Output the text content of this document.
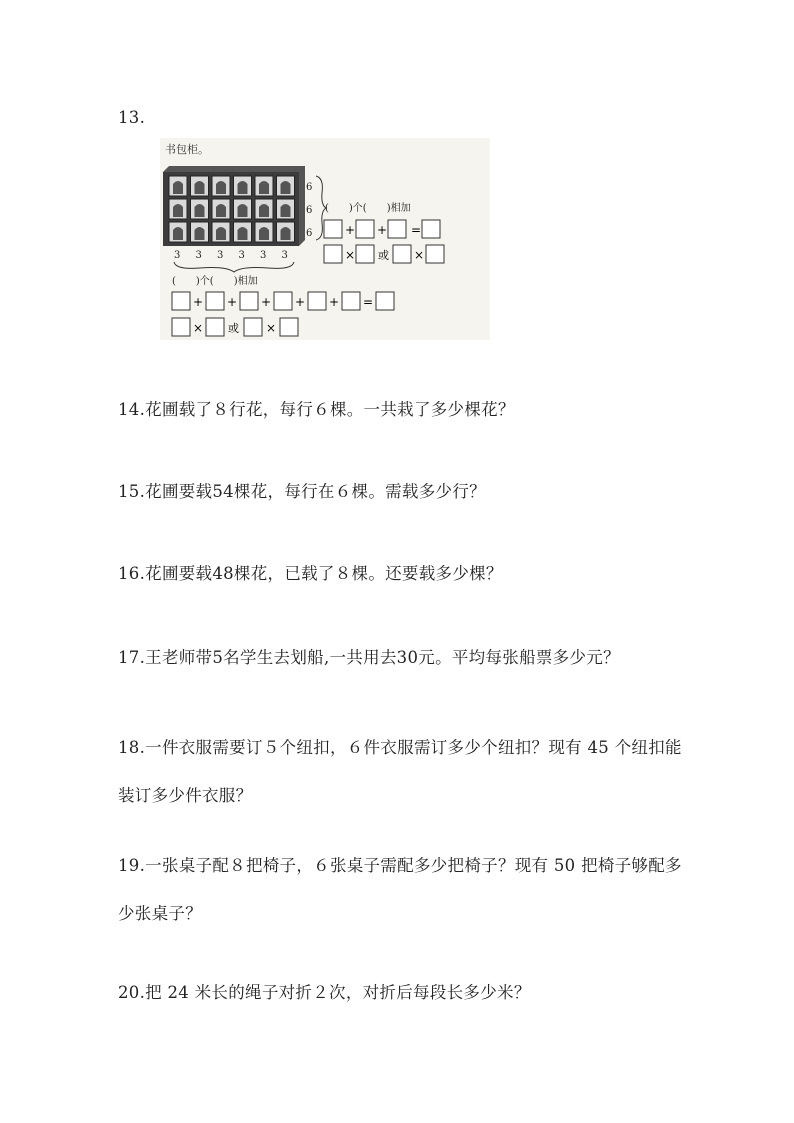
13.
书包柜。
6
6
6
(　　)个(　　)相加
+ + =
× 或 ×
3 3 3 3 3 3
(　　)个(　　)相加
+ + + + + =
× 或 ×
14.花圃载了８行花，每行６棵。一共栽了多少棵花？
15.花圃要载54棵花，每行在６棵。需载多少行？
16.花圃要载48棵花，已载了８棵。还要载多少棵？
17.王老师带5名学生去划船,一共用去30元。平均每张船票多少元？
18.一件衣服需要订５个纽扣，６件衣服需订多少个纽扣？现有 45 个纽扣能装订多少件衣服？
19.一张桌子配８把椅子，６张桌子需配多少把椅子？现有 50 把椅子够配多少张桌子？
20.把 24 米长的绳子对折２次，对折后每段长多少米？
